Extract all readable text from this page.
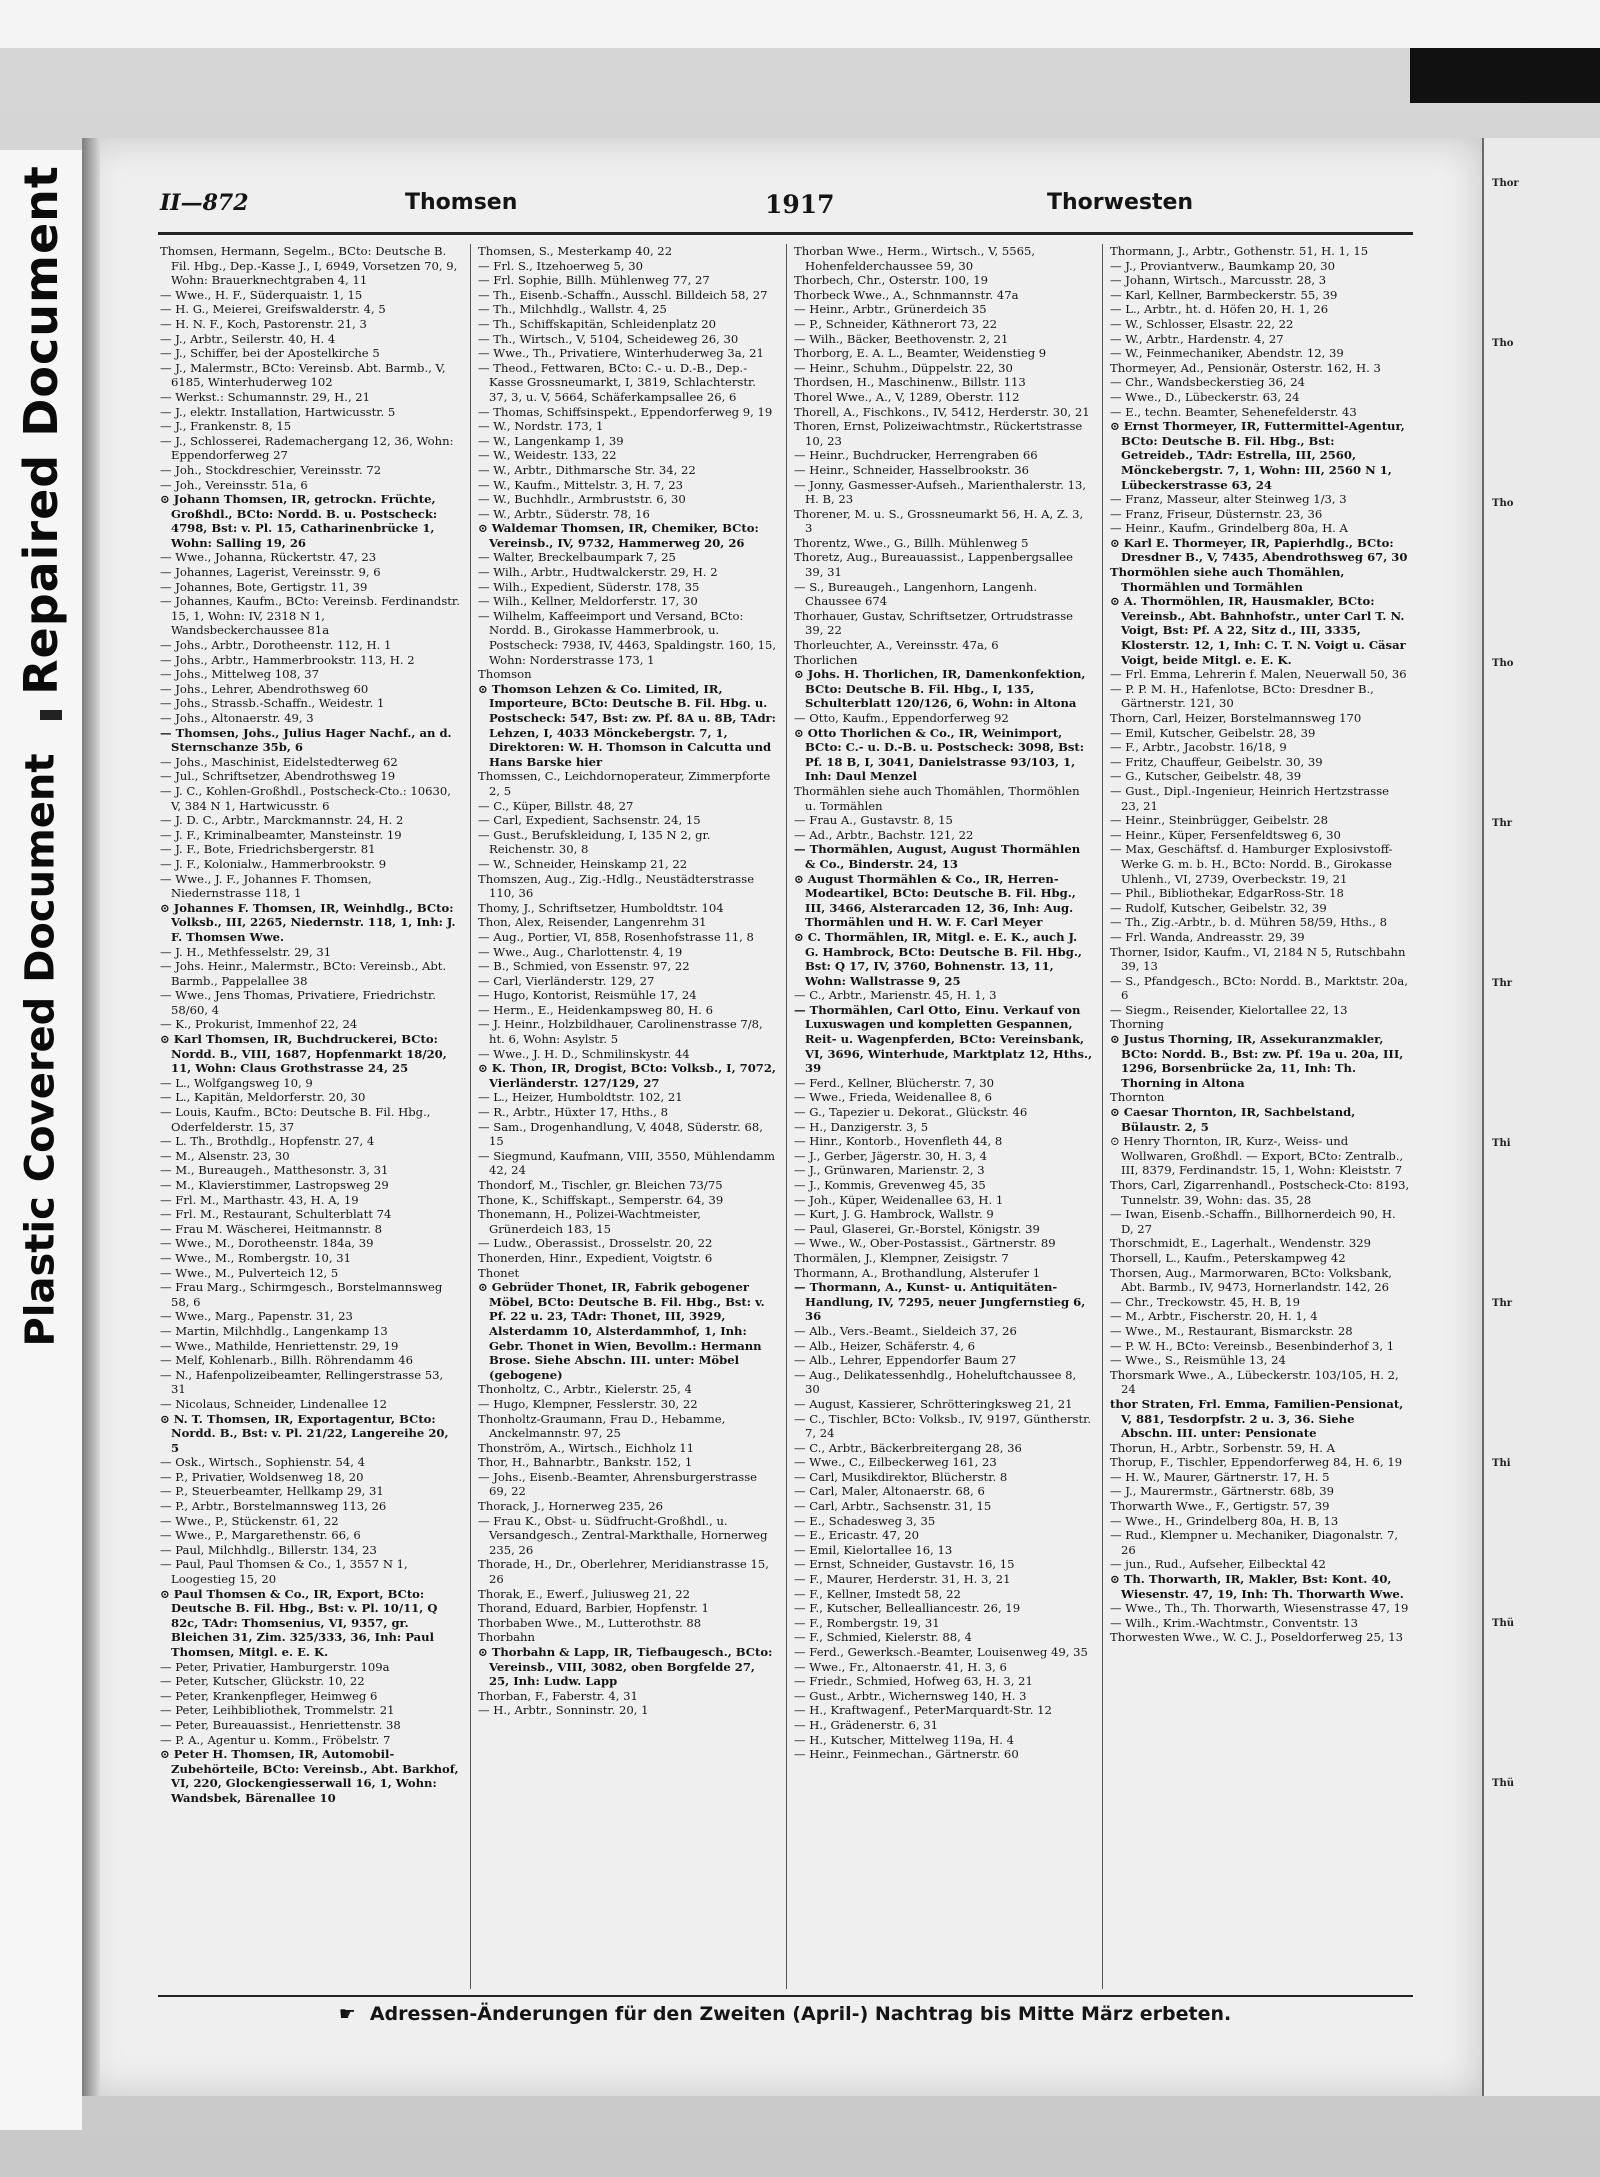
Repaired Document
Plastic Covered Document
Thor
Tho
Tho
Tho
Thr
Thr
Thi
Thr
Thi
Thü
Thü
II—872	Thomsen	1917	Thorwesten

Thomsen, Hermann, Segelm., BCto: Deutsche B. Fil. Hbg., Dep.-Kasse J., I, 6949, Vorsetzen 70, 9, Wohn: Brauerknechtgraben 4, 11

— Wwe., H. F., Süderquaistr. 1, 15

— H. G., Meierei, Greifswalderstr. 4, 5

— H. N. F., Koch, Pastorenstr. 21, 3

— J., Arbtr., Seilerstr. 40, H. 4

— J., Schiffer, bei der Apostelkirche 5

— J., Malermstr., BCto: Vereinsb. Abt. Barmb., V, 6185, Winterhuderweg 102

— Werkst.: Schumannstr. 29, H., 21

— J., elektr. Installation, Hartwicusstr. 5

— J., Frankenstr. 8, 15

— J., Schlosserei, Rademachergang 12, 36, Wohn: Eppendorferweg 27

— Joh., Stockdreschier, Vereinsstr. 72

— Joh., Vereinsstr. 51a, 6

⊙ Johann Thomsen, IR, getrockn. Früchte, Großhdl., BCto: Nordd. B. u. Postscheck: 4798, Bst: v. Pl. 15, Catharinenbrücke 1, Wohn: Salling 19, 26

— Wwe., Johanna, Rückertstr. 47, 23

— Johannes, Lagerist, Vereinsstr. 9, 6

— Johannes, Bote, Gertigstr. 11, 39

— Johannes, Kaufm., BCto: Vereinsb. Ferdinandstr. 15, 1, Wohn: IV, 2318 N 1, Wandsbeckerchaussee 81a

— Johs., Arbtr., Dorotheenstr. 112, H. 1

— Johs., Arbtr., Hammerbrookstr. 113, H. 2

— Johs., Mittelweg 108, 37

— Johs., Lehrer, Abendrothsweg 60

— Johs., Strassb.-Schaffn., Weidestr. 1

— Johs., Altonaerstr. 49, 3

— Thomsen, Johs., Julius Hager Nachf., an d. Sternschanze 35b, 6

— Johs., Maschinist, Eidelstedterweg 62

— Jul., Schriftsetzer, Abendrothsweg 19

— J. C., Kohlen-Großhdl., Postscheck-Cto.: 10630, V, 384 N 1, Hartwicusstr. 6

— J. D. C., Arbtr., Marckmannstr. 24, H. 2

— J. F., Kriminalbeamter, Mansteinstr. 19

— J. F., Bote, Friedrichsbergerstr. 81

— J. F., Kolonialw., Hammerbrookstr. 9

— Wwe., J. F., Johannes F. Thomsen, Niedernstrasse 118, 1

⊙ Johannes F. Thomsen, IR, Weinhdlg., BCto: Volksb., III, 2265, Niedernstr. 118, 1, Inh: J. F. Thomsen Wwe.

— J. H., Methfesselstr. 29, 31

— Johs. Heinr., Malermstr., BCto: Vereinsb., Abt. Barmb., Pappelallee 38

— Wwe., Jens Thomas, Privatiere, Friedrichstr. 58/60, 4

— K., Prokurist, Immenhof 22, 24

⊙ Karl Thomsen, IR, Buchdruckerei, BCto: Nordd. B., VIII, 1687, Hopfenmarkt 18/20, 11, Wohn: Claus Grothstrasse 24, 25

— L., Wolfgangsweg 10, 9

— L., Kapitän, Meldorferstr. 20, 30

— Louis, Kaufm., BCto: Deutsche B. Fil. Hbg., Oderfelderstr. 15, 37

— L. Th., Brothdlg., Hopfenstr. 27, 4

— M., Alsenstr. 23, 30

— M., Bureaugeh., Matthesonstr. 3, 31

— M., Klavierstimmer, Lastropsweg 29

— Frl. M., Marthastr. 43, H. A, 19

— Frl. M., Restaurant, Schulterblatt 74

— Frau M. Wäscherei, Heitmannstr. 8

— Wwe., M., Dorotheenstr. 184a, 39

— Wwe., M., Rombergstr. 10, 31

— Wwe., M., Pulverteich 12, 5

— Frau Marg., Schirmgesch., Borstelmannsweg 58, 6

— Wwe., Marg., Papenstr. 31, 23

— Martin, Milchhdlg., Langenkamp 13

— Wwe., Mathilde, Henriettenstr. 29, 19

— Melf, Kohlenarb., Billh. Röhrendamm 46

— N., Hafenpolizeibeamter, Rellingerstrasse 53, 31

— Nicolaus, Schneider, Lindenallee 12

⊙ N. T. Thomsen, IR, Exportagentur, BCto: Nordd. B., Bst: v. Pl. 21/22, Langereihe 20, 5

— Osk., Wirtsch., Sophienstr. 54, 4

— P., Privatier, Woldsenweg 18, 20

— P., Steuerbeamter, Hellkamp 29, 31

— P., Arbtr., Borstelmannsweg 113, 26

— Wwe., P., Stückenstr. 61, 22

— Wwe., P., Margarethenstr. 66, 6

— Paul, Milchhdlg., Billerstr. 134, 23

— Paul, Paul Thomsen & Co., 1, 3557 N 1, Loogestieg 15, 20

⊙ Paul Thomsen & Co., IR, Export, BCto: Deutsche B. Fil. Hbg., Bst: v. Pl. 10/11, Q 82c, TAdr: Thomsenius, VI, 9357, gr. Bleichen 31, Zim. 325/333, 36, Inh: Paul Thomsen, Mitgl. e. E. K.

— Peter, Privatier, Hamburgerstr. 109a

— Peter, Kutscher, Glückstr. 10, 22

— Peter, Krankenpfleger, Heimweg 6

— Peter, Leihbibliothek, Trommelstr. 21

— Peter, Bureauassist., Henriettenstr. 38

— P. A., Agentur u. Komm., Fröbelstr. 7

⊙ Peter H. Thomsen, IR, Automobil-Zubehörteile, BCto: Vereinsb., Abt. Barkhof, VI, 220, Glockengiesserwall 16, 1, Wohn: Wandsbek, Bärenallee 10

Thomsen, S., Mesterkamp 40, 22

— Frl. S., Itzehoerweg 5, 30

— Frl. Sophie, Billh. Mühlenweg 77, 27

— Th., Eisenb.-Schaffn., Ausschl. Billdeich 58, 27

— Th., Milchhdlg., Wallstr. 4, 25

— Th., Schiffskapitän, Schleidenplatz 20

— Th., Wirtsch., V, 5104, Scheideweg 26, 30

— Wwe., Th., Privatiere, Winterhuderweg 3a, 21

— Theod., Fettwaren, BCto: C.- u. D.-B., Dep.-Kasse Grossneumarkt, I, 3819, Schlachterstr. 37, 3, u. V, 5664, Schäferkampsallee 26, 6

— Thomas, Schiffsinspekt., Eppendorferweg 9, 19

— W., Nordstr. 173, 1

— W., Langenkamp 1, 39

— W., Weidestr. 133, 22

— W., Arbtr., Dithmarsche Str. 34, 22

— W., Kaufm., Mittelstr. 3, H. 7, 23

— W., Buchhdlr., Armbruststr. 6, 30

— W., Arbtr., Süderstr. 78, 16

⊙ Waldemar Thomsen, IR, Chemiker, BCto: Vereinsb., IV, 9732, Hammerweg 20, 26

— Walter, Breckelbaumpark 7, 25

— Wilh., Arbtr., Hudtwalckerstr. 29, H. 2

— Wilh., Expedient, Süderstr. 178, 35

— Wilh., Kellner, Meldorferstr. 17, 30

— Wilhelm, Kaffeeimport und Versand, BCto: Nordd. B., Girokasse Hammerbrook, u. Postscheck: 7938, IV, 4463, Spaldingstr. 160, 15, Wohn: Norderstrasse 173, 1

Thomson

⊙ Thomson Lehzen & Co. Limited, IR, Importeure, BCto: Deutsche B. Fil. Hbg. u. Postscheck: 547, Bst: zw. Pf. 8A u. 8B, TAdr: Lehzen, I, 4033 Mönckebergstr. 7, 1, Direktoren: W. H. Thomson in Calcutta und Hans Barske hier

Thomssen, C., Leichdornoperateur, Zimmerpforte 2, 5

— C., Küper, Billstr. 48, 27

— Carl, Expedient, Sachsenstr. 24, 15

— Gust., Berufskleidung, I, 135 N 2, gr. Reichenstr. 30, 8

— W., Schneider, Heinskamp 21, 22

Thomszen, Aug., Zig.-Hdlg., Neustädterstrasse 110, 36

Thomy, J., Schriftsetzer, Humboldtstr. 104

Thon, Alex, Reisender, Langenrehm 31

— Aug., Portier, VI, 858, Rosenhofstrasse 11, 8

— Wwe., Aug., Charlottenstr. 4, 19

— B., Schmied, von Essenstr. 97, 22

— Carl, Vierländerstr. 129, 27

— Hugo, Kontorist, Reismühle 17, 24

— Herm., E., Heidenkampsweg 80, H. 6

— J. Heinr., Holzbildhauer, Carolinenstrasse 7/8, ht. 6, Wohn: Asylstr. 5

— Wwe., J. H. D., Schmilinskystr. 44

⊙ K. Thon, IR, Drogist, BCto: Volksb., I, 7072, Vierländerstr. 127/129, 27

— L., Heizer, Humboldtstr. 102, 21

— R., Arbtr., Hüxter 17, Hths., 8

— Sam., Drogenhandlung, V, 4048, Süderstr. 68, 15

— Siegmund, Kaufmann, VIII, 3550, Mühlendamm 42, 24

Thondorf, M., Tischler, gr. Bleichen 73/75

Thone, K., Schiffskapt., Semperstr. 64, 39

Thonemann, H., Polizei-Wachtmeister, Grünerdeich 183, 15

— Ludw., Oberassist., Drosselstr. 20, 22

Thonerden, Hinr., Expedient, Voigtstr. 6

Thonet

⊙ Gebrüder Thonet, IR, Fabrik gebogener Möbel, BCto: Deutsche B. Fil. Hbg., Bst: v. Pf. 22 u. 23, TAdr: Thonet, III, 3929, Alsterdamm 10, Alsterdammhof, 1, Inh: Gebr. Thonet in Wien, Bevollm.: Hermann Brose. Siehe Abschn. III. unter: Möbel (gebogene)

Thonholtz, C., Arbtr., Kielerstr. 25, 4

— Hugo, Klempner, Fesslerstr. 30, 22

Thonholtz-Graumann, Frau D., Hebamme, Anckelmannstr. 97, 25

Thonström, A., Wirtsch., Eichholz 11

Thor, H., Bahnarbtr., Bankstr. 152, 1

— Johs., Eisenb.-Beamter, Ahrensburgerstrasse 69, 22

Thorack, J., Hornerweg 235, 26

— Frau K., Obst- u. Südfrucht-Großhdl., u. Versandgesch., Zentral-Markthalle, Hornerweg 235, 26

Thorade, H., Dr., Oberlehrer, Meridianstrasse 15, 26

Thorak, E., Ewerf., Juliusweg 21, 22

Thorand, Eduard, Barbier, Hopfenstr. 1

Thorbaben Wwe., M., Lutterothstr. 88

Thorbahn

⊙ Thorbahn & Lapp, IR, Tiefbaugesch., BCto: Vereinsb., VIII, 3082, oben Borgfelde 27, 25, Inh: Ludw. Lapp

Thorban, F., Faberstr. 4, 31

— H., Arbtr., Sonninstr. 20, 1

Thorban Wwe., Herm., Wirtsch., V, 5565, Hohenfelderchaussee 59, 30

Thorbech, Chr., Osterstr. 100, 19

Thorbeck Wwe., A., Schnmannstr. 47a

— Heinr., Arbtr., Grünerdeich 35

— P., Schneider, Käthnerort 73, 22

— Wilh., Bäcker, Beethovenstr. 2, 21

Thorborg, E. A. L., Beamter, Weidenstieg 9

— Heinr., Schuhm., Düppelstr. 22, 30

Thordsen, H., Maschinenw., Billstr. 113

Thorel Wwe., A., V, 1289, Oberstr. 112

Thorell, A., Fischkons., IV, 5412, Herderstr. 30, 21

Thoren, Ernst, Polizeiwachtmstr., Rückertstrasse 10, 23

— Heinr., Buchdrucker, Herrengraben 66

— Heinr., Schneider, Hasselbrookstr. 36

— Jonny, Gasmesser-Aufseh., Marienthalerstr. 13, H. B, 23

Thorener, M. u. S., Grossneumarkt 56, H. A, Z. 3, 3

Thorentz, Wwe., G., Billh. Mühlenweg 5

Thoretz, Aug., Bureauassist., Lappenbergsallee 39, 31

— S., Bureaugeh., Langenhorn, Langenh. Chaussee 674

Thorhauer, Gustav, Schriftsetzer, Ortrudstrasse 39, 22

Thorleuchter, A., Vereinsstr. 47a, 6

Thorlichen

⊙ Johs. H. Thorlichen, IR, Damenkonfektion, BCto: Deutsche B. Fil. Hbg., I, 135, Schulterblatt 120/126, 6, Wohn: in Altona

— Otto, Kaufm., Eppendorferweg 92

⊙ Otto Thorlichen & Co., IR, Weinimport, BCto: C.- u. D.-B. u. Postscheck: 3098, Bst: Pf. 18 B, I, 3041, Danielstrasse 93/103, 1, Inh: Daul Menzel

Thormählen siehe auch Thomählen, Thormöhlen u. Tormählen

— Frau A., Gustavstr. 8, 15

— Ad., Arbtr., Bachstr. 121, 22

— Thormählen, August, August Thormählen & Co., Binderstr. 24, 13

⊙ August Thormählen & Co., IR, Herren-Modeartikel, BCto: Deutsche B. Fil. Hbg., III, 3466, Alsterarcaden 12, 36, Inh: Aug. Thormählen und H. W. F. Carl Meyer

⊙ C. Thormählen, IR, Mitgl. e. E. K., auch J. G. Hambrock, BCto: Deutsche B. Fil. Hbg., Bst: Q 17, IV, 3760, Bohnenstr. 13, 11, Wohn: Wallstrasse 9, 25

— C., Arbtr., Marienstr. 45, H. 1, 3

— Thormählen, Carl Otto, Einu. Verkauf von Luxuswagen und kompletten Gespannen, Reit- u. Wagenpferden, BCto: Vereinsbank, VI, 3696, Winterhude, Marktplatz 12, Hths., 39

— Ferd., Kellner, Blücherstr. 7, 30

— Wwe., Frieda, Weidenallee 8, 6

— G., Tapezier u. Dekorat., Glückstr. 46

— H., Danzigerstr. 3, 5

— Hinr., Kontorb., Hovenfleth 44, 8

— J., Gerber, Jägerstr. 30, H. 3, 4

— J., Grünwaren, Marienstr. 2, 3

— J., Kommis, Grevenweg 45, 35

— Joh., Küper, Weidenallee 63, H. 1

— Kurt, J. G. Hambrock, Wallstr. 9

— Paul, Glaserei, Gr.-Borstel, Königstr. 39

— Wwe., W., Ober-Postassist., Gärtnerstr. 89

Thormälen, J., Klempner, Zeisigstr. 7

Thormann, A., Brothandlung, Alsterufer 1

— Thormann, A., Kunst- u. Antiquitäten-Handlung, IV, 7295, neuer Jungfernstieg 6, 36

— Alb., Vers.-Beamt., Sieldeich 37, 26

— Alb., Heizer, Schäferstr. 4, 6

— Alb., Lehrer, Eppendorfer Baum 27

— Aug., Delikatessenhdlg., Hoheluftchaussee 8, 30

— August, Kassierer, Schrötteringksweg 21, 21

— C., Tischler, BCto: Volksb., IV, 9197, Güntherstr. 7, 24

— C., Arbtr., Bäckerbreitergang 28, 36

— Wwe., C., Eilbeckerweg 161, 23

— Carl, Musikdirektor, Blücherstr. 8

— Carl, Maler, Altonaerstr. 68, 6

— Carl, Arbtr., Sachsenstr. 31, 15

— E., Schadesweg 3, 35

— E., Ericastr. 47, 20

— Emil, Kielortallee 16, 13

— Ernst, Schneider, Gustavstr. 16, 15

— F., Maurer, Herderstr. 31, H. 3, 21

— F., Kellner, Imstedt 58, 22

— F., Kutscher, Bellealliancestr. 26, 19

— F., Rombergstr. 19, 31

— F., Schmied, Kielerstr. 88, 4

— Ferd., Gewerksch.-Beamter, Louisenweg 49, 35

— Wwe., Fr., Altonaerstr. 41, H. 3, 6

— Friedr., Schmied, Hofweg 63, H. 3, 21

— Gust., Arbtr., Wichernsweg 140, H. 3

— H., Kraftwagenf., PeterMarquardt-Str. 12

— H., Grädenerstr. 6, 31

— H., Kutscher, Mittelweg 119a, H. 4

— Heinr., Feinmechan., Gärtnerstr. 60

Thormann, J., Arbtr., Gothenstr. 51, H. 1, 15

— J., Proviantverw., Baumkamp 20, 30

— Johann, Wirtsch., Marcusstr. 28, 3

— Karl, Kellner, Barmbeckerstr. 55, 39

— L., Arbtr., ht. d. Höfen 20, H. 1, 26

— W., Schlosser, Elsastr. 22, 22

— W., Arbtr., Hardenstr. 4, 27

— W., Feinmechaniker, Abendstr. 12, 39

Thormeyer, Ad., Pensionär, Osterstr. 162, H. 3

— Chr., Wandsbeckerstieg 36, 24

— Wwe., D., Lübeckerstr. 63, 24

— E., techn. Beamter, Sehenefelderstr. 43

⊙ Ernst Thormeyer, IR, Futtermittel-Agentur, BCto: Deutsche B. Fil. Hbg., Bst: Getreideb., TAdr: Estrella, III, 2560, Mönckebergstr. 7, 1, Wohn: III, 2560 N 1, Lübeckerstrasse 63, 24

— Franz, Masseur, alter Steinweg 1/3, 3

— Franz, Friseur, Düsternstr. 23, 36

— Heinr., Kaufm., Grindelberg 80a, H. A

⊙ Karl E. Thormeyer, IR, Papierhdlg., BCto: Dresdner B., V, 7435, Abendrothsweg 67, 30

Thormöhlen siehe auch Thomählen, Thormählen und Tormählen

⊙ A. Thormöhlen, IR, Hausmakler, BCto: Vereinsb., Abt. Bahnhofstr., unter Carl T. N. Voigt, Bst: Pf. A 22, Sitz d., III, 3335, Klosterstr. 12, 1, Inh: C. T. N. Voigt u. Cäsar Voigt, beide Mitgl. e. E. K.

— Frl. Emma, Lehrerin f. Malen, Neuerwall 50, 36

— P. P. M. H., Hafenlotse, BCto: Dresdner B., Gärtnerstr. 121, 30

Thorn, Carl, Heizer, Borstelmannsweg 170

— Emil, Kutscher, Geibelstr. 28, 39

— F., Arbtr., Jacobstr. 16/18, 9

— Fritz, Chauffeur, Geibelstr. 30, 39

— G., Kutscher, Geibelstr. 48, 39

— Gust., Dipl.-Ingenieur, Heinrich Hertzstrasse 23, 21

— Heinr., Steinbrügger, Geibelstr. 28

— Heinr., Küper, Fersenfeldtsweg 6, 30

— Max, Geschäftsf. d. Hamburger Explosivstoff-Werke G. m. b. H., BCto: Nordd. B., Girokasse Uhlenh., VI, 2739, Overbeckstr. 19, 21

— Phil., Bibliothekar, EdgarRoss-Str. 18

— Rudolf, Kutscher, Geibelstr. 32, 39

— Th., Zig.-Arbtr., b. d. Mühren 58/59, Hths., 8

— Frl. Wanda, Andreasstr. 29, 39

Thorner, Isidor, Kaufm., VI, 2184 N 5, Rutschbahn 39, 13

— S., Pfandgesch., BCto: Nordd. B., Marktstr. 20a, 6

— Siegm., Reisender, Kielortallee 22, 13

Thorning

⊙ Justus Thorning, IR, Assekuranzmakler, BCto: Nordd. B., Bst: zw. Pf. 19a u. 20a, III, 1296, Borsenbrücke 2a, 11, Inh: Th. Thorning in Altona

Thornton

⊙ Caesar Thornton, IR, Sachbelstand, Bülaustr. 2, 5

⊙ Henry Thornton, IR, Kurz-, Weiss- und Wollwaren, Großhdl. — Export, BCto: Zentralb., III, 8379, Ferdinandstr. 15, 1, Wohn: Kleiststr. 7

Thors, Carl, Zigarrenhandl., Postscheck-Cto: 8193, Tunnelstr. 39, Wohn: das. 35, 28

— Iwan, Eisenb.-Schaffn., Billhornerdeich 90, H. D, 27

Thorschmidt, E., Lagerhalt., Wendenstr. 329

Thorsell, L., Kaufm., Peterskampweg 42

Thorsen, Aug., Marmorwaren, BCto: Volksbank, Abt. Barmb., IV, 9473, Hornerlandstr. 142, 26

— Chr., Treckowstr. 45, H. B, 19

— M., Arbtr., Fischerstr. 20, H. 1, 4

— Wwe., M., Restaurant, Bismarckstr. 28

— P. W. H., BCto: Vereinsb., Besenbinderhof 3, 1

— Wwe., S., Reismühle 13, 24

Thorsmark Wwe., A., Lübeckerstr. 103/105, H. 2, 24

thor Straten, Frl. Emma, Familien-Pensionat, V, 881, Tesdorpfstr. 2 u. 3, 36. Siehe Abschn. III. unter: Pensionate

Thorun, H., Arbtr., Sorbenstr. 59, H. A

Thorup, F., Tischler, Eppendorferweg 84, H. 6, 19

— H. W., Maurer, Gärtnerstr. 17, H. 5

— J., Maurermstr., Gärtnerstr. 68b, 39

Thorwarth Wwe., F., Gertigstr. 57, 39

— Wwe., H., Grindelberg 80a, H. B, 13

— Rud., Klempner u. Mechaniker, Diagonalstr. 7, 26

— jun., Rud., Aufseher, Eilbecktal 42

⊙ Th. Thorwarth, IR, Makler, Bst: Kont. 40, Wiesenstr. 47, 19, Inh: Th. Thorwarth Wwe.

— Wwe., Th., Th. Thorwarth, Wiesenstrasse 47, 19

— Wilh., Krim.-Wachtmstr., Conventstr. 13

Thorwesten Wwe., W. C. J., Poseldorferweg 25, 13

☛ Adressen-Änderungen für den Zweiten (April-) Nachtrag bis Mitte März erbeten.
